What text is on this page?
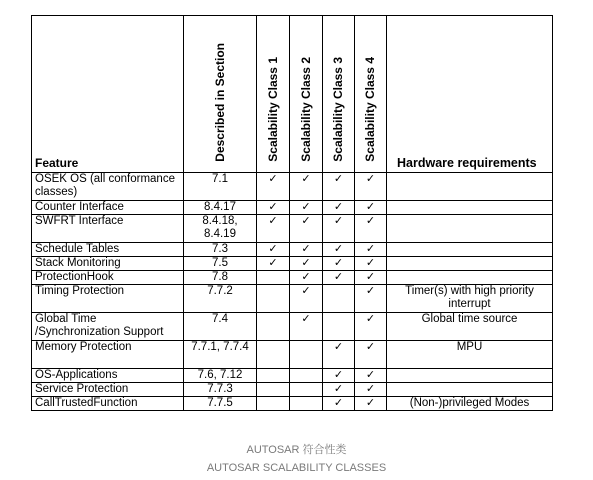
Feature	Described in Section	Scalability Class 1	Scalability Class 2	Scalability Class 3	Scalability Class 4	Hardware requirements
OSEK OS (all conformance classes)	7.1	✓	✓	✓	✓	
Counter Interface	8.4.17	✓	✓	✓	✓	
SWFRT Interface	8.4.18, 8.4.19	✓	✓	✓	✓	
Schedule Tables	7.3	✓	✓	✓	✓	
Stack Monitoring	7.5	✓	✓	✓	✓	
ProtectionHook	7.8		✓	✓	✓	
Timing Protection	7.7.2		✓		✓	Timer(s) with high priority interrupt
Global Time /Synchronization Support	7.4		✓		✓	Global time source
Memory Protection	7.7.1, 7.7.4			✓	✓	MPU
OS-Applications	7.6, 7.12			✓	✓	
Service Protection	7.7.3			✓	✓	
CallTrustedFunction	7.7.5			✓	✓	(Non-)privileged Modes
AUTOSAR 符合性类
AUTOSAR SCALABILITY CLASSES
